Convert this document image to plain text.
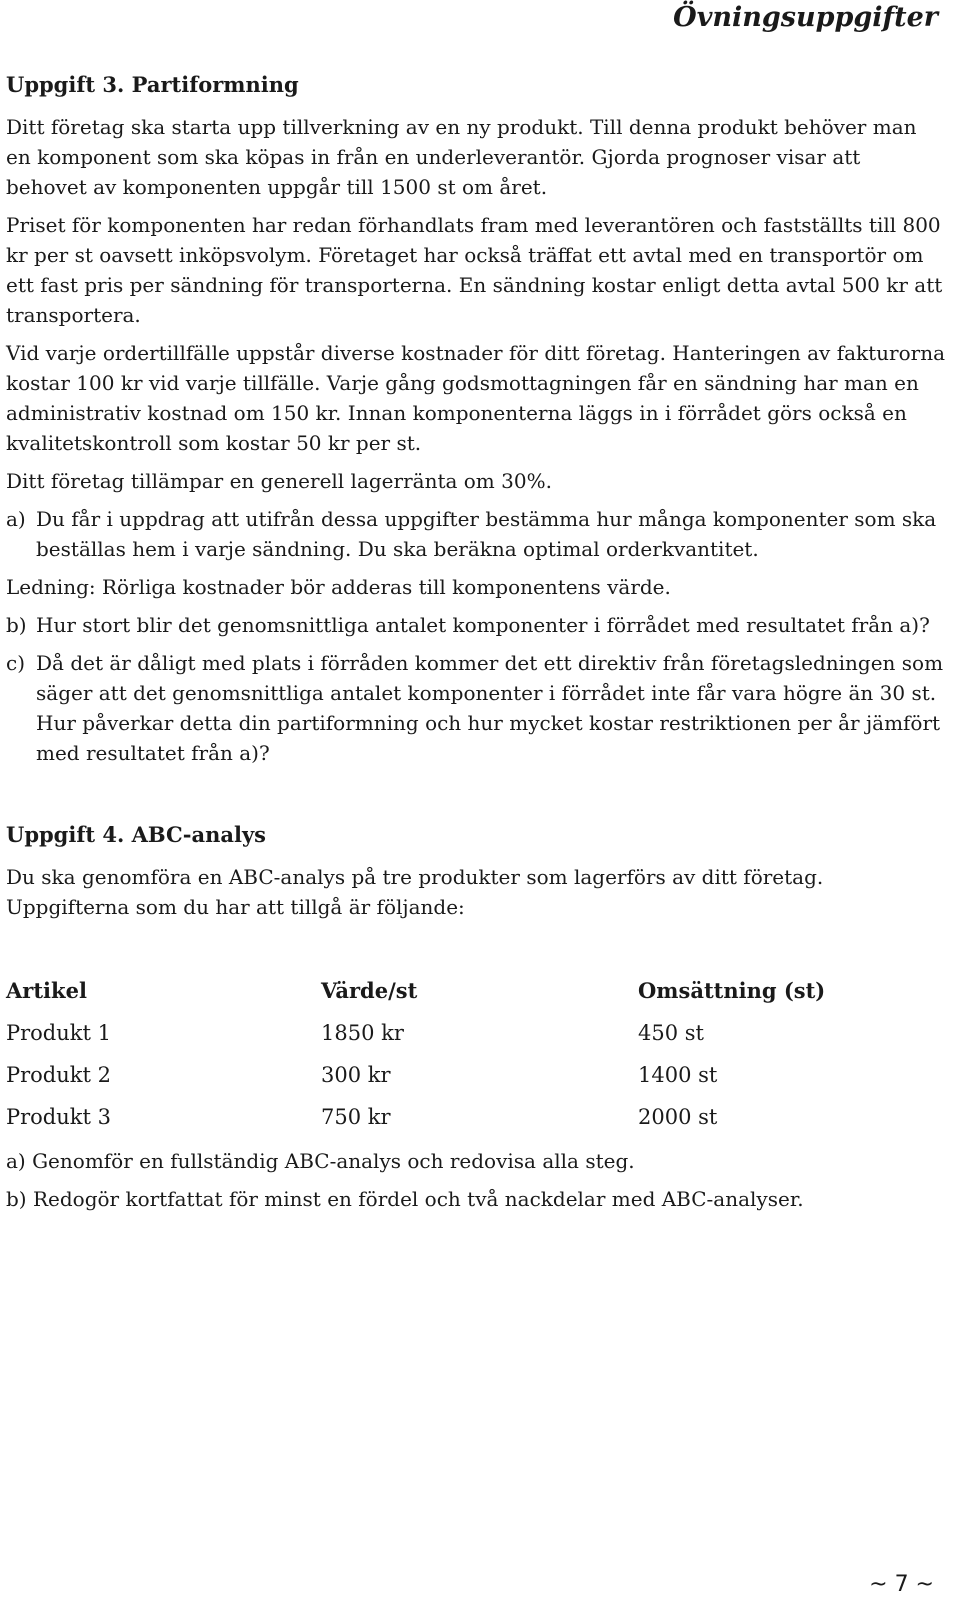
Övningsuppgifter
Uppgift 3. Partiformning

Ditt företag ska starta upp tillverkning av en ny produkt. Till denna produkt behöver man en komponent som ska köpas in från en underleverantör. Gjorda prognoser visar att behovet av komponenten uppgår till 1500 st om året.

Priset för komponenten har redan förhandlats fram med leverantören och fastställts till 800 kr per st oavsett inköpsvolym. Företaget har också träffat ett avtal med en transportör om ett fast pris per sändning för transporterna. En sändning kostar enligt detta avtal 500 kr att transportera.

Vid varje ordertillfälle uppstår diverse kostnader för ditt företag. Hanteringen av fakturorna kostar 100 kr vid varje tillfälle. Varje gång godsmottagningen får en sändning har man en administrativ kostnad om 150 kr. Innan komponenterna läggs in i förrådet görs också en kvalitetskontroll som kostar 50 kr per st.

Ditt företag tillämpar en generell lagerränta om 30%.

a) Du får i uppdrag att utifrån dessa uppgifter bestämma hur många komponenter som ska beställas hem i varje sändning. Du ska beräkna optimal orderkvantitet.

Ledning: Rörliga kostnader bör adderas till komponentens värde.

b) Hur stort blir det genomsnittliga antalet komponenter i förrådet med resultatet från a)?
c) Då det är dåligt med plats i förråden kommer det ett direktiv från företagsledningen som säger att det genomsnittliga antalet komponenter i förrådet inte får vara högre än 30 st. Hur påverkar detta din partiformning och hur mycket kostar restriktionen per år jämfört med resultatet från a)?
Uppgift 4. ABC-analys

Du ska genomföra en ABC-analys på tre produkter som lagerförs av ditt företag. Uppgifterna som du har att tillgå är följande:

Artikel	Värde/st	Omsättning (st)
Produkt 1	1850 kr	450 st
Produkt 2	300 kr	1400 st
Produkt 3	750 kr	2000 st

a) Genomför en fullständig ABC-analys och redovisa alla steg.

b) Redogör kortfattat för minst en fördel och två nackdelar med ABC-analyser.

~ 7 ~
